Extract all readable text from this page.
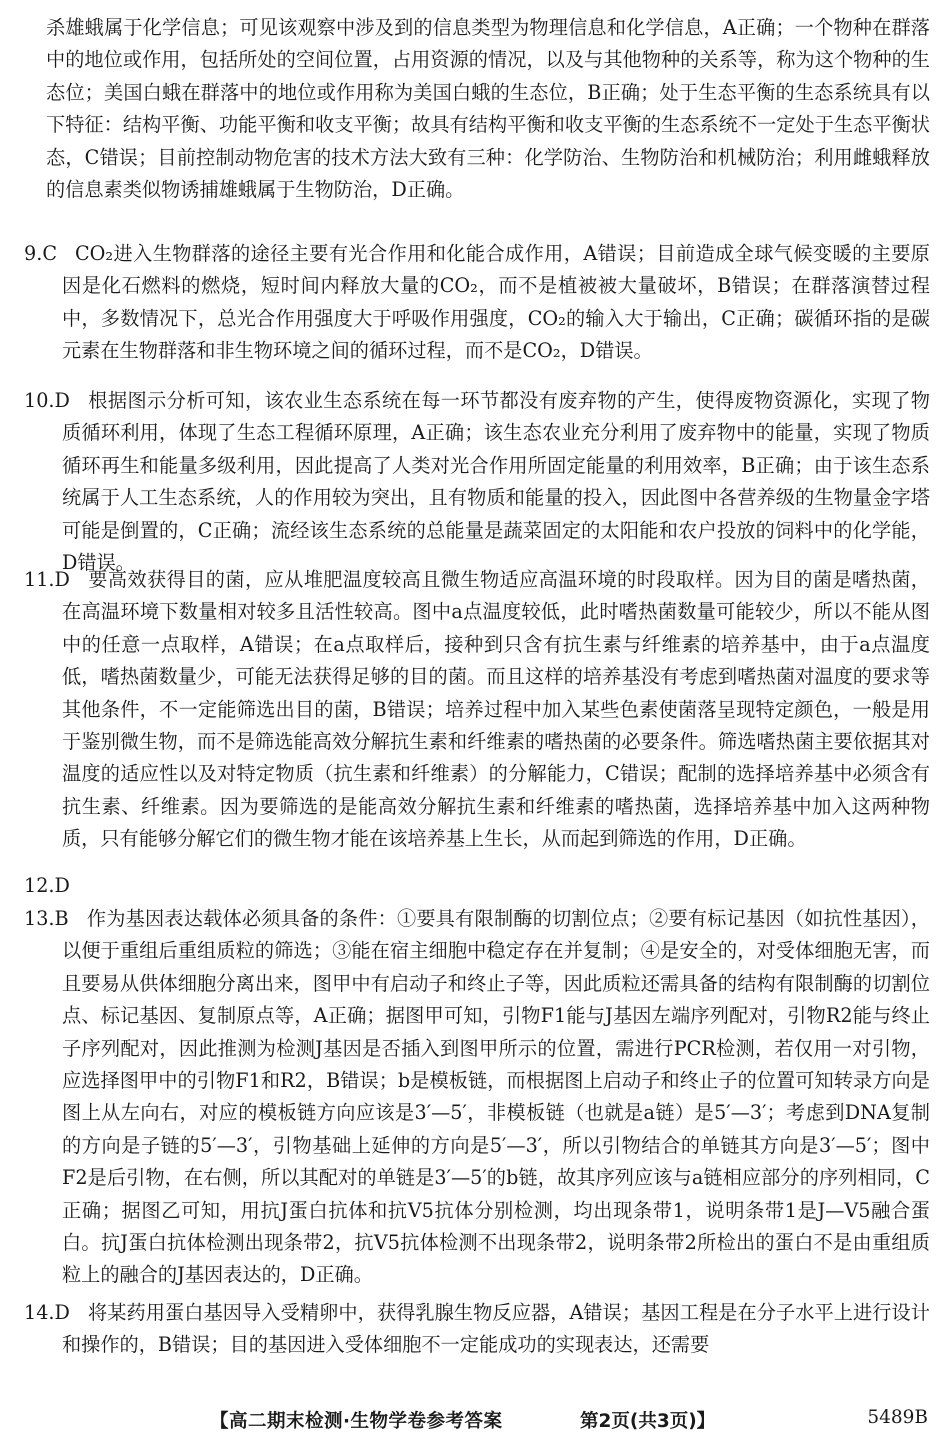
杀雄蛾属于化学信息；可见该观察中涉及到的信息类型为物理信息和化学信息，A正确；一个物种在群落中的地位或作用，包括所处的空间位置，占用资源的情况，以及与其他物种的关系等，称为这个物种的生态位；美国白蛾在群落中的地位或作用称为美国白蛾的生态位，B正确；处于生态平衡的生态系统具有以下特征：结构平衡、功能平衡和收支平衡；故具有结构平衡和收支平衡的生态系统不一定处于生态平衡状态，C错误；目前控制动物危害的技术方法大致有三种：化学防治、生物防治和机械防治；利用雌蛾释放的信息素类似物诱捕雄蛾属于生物防治，D正确。
9.C CO₂进入生物群落的途径主要有光合作用和化能合成作用，A错误；目前造成全球气候变暖的主要原因是化石燃料的燃烧，短时间内释放大量的CO₂，而不是植被被大量破坏，B错误；在群落演替过程中，多数情况下，总光合作用强度大于呼吸作用强度，CO₂的输入大于输出，C正确；碳循环指的是碳元素在生物群落和非生物环境之间的循环过程，而不是CO₂，D错误。
10.D 根据图示分析可知，该农业生态系统在每一环节都没有废弃物的产生，使得废物资源化，实现了物质循环利用，体现了生态工程循环原理，A正确；该生态农业充分利用了废弃物中的能量，实现了物质循环再生和能量多级利用，因此提高了人类对光合作用所固定能量的利用效率，B正确；由于该生态系统属于人工生态系统，人的作用较为突出，且有物质和能量的投入，因此图中各营养级的生物量金字塔可能是倒置的，C正确；流经该生态系统的总能量是蔬菜固定的太阳能和农户投放的饲料中的化学能，D错误。
11.D 要高效获得目的菌，应从堆肥温度较高且微生物适应高温环境的时段取样。因为目的菌是嗜热菌，在高温环境下数量相对较多且活性较高。图中a点温度较低，此时嗜热菌数量可能较少，所以不能从图中的任意一点取样，A错误；在a点取样后，接种到只含有抗生素与纤维素的培养基中，由于a点温度低，嗜热菌数量少，可能无法获得足够的目的菌。而且这样的培养基没有考虑到嗜热菌对温度的要求等其他条件，不一定能筛选出目的菌，B错误；培养过程中加入某些色素使菌落呈现特定颜色，一般是用于鉴别微生物，而不是筛选能高效分解抗生素和纤维素的嗜热菌的必要条件。筛选嗜热菌主要依据其对温度的适应性以及对特定物质（抗生素和纤维素）的分解能力，C错误；配制的选择培养基中必须含有抗生素、纤维素。因为要筛选的是能高效分解抗生素和纤维素的嗜热菌，选择培养基中加入这两种物质，只有能够分解它们的微生物才能在该培养基上生长，从而起到筛选的作用，D正确。
12.D
13.B 作为基因表达载体必须具备的条件：①要具有限制酶的切割位点；②要有标记基因（如抗性基因），以便于重组后重组质粒的筛选；③能在宿主细胞中稳定存在并复制；④是安全的，对受体细胞无害，而且要易从供体细胞分离出来，图甲中有启动子和终止子等，因此质粒还需具备的结构有限制酶的切割位点、标记基因、复制原点等，A正确；据图甲可知，引物F1能与J基因左端序列配对，引物R2能与终止子序列配对，因此推测为检测J基因是否插入到图甲所示的位置，需进行PCR检测，若仅用一对引物，应选择图甲中的引物F1和R2，B错误；b是模板链，而根据图上启动子和终止子的位置可知转录方向是图上从左向右，对应的模板链方向应该是3′—5′，非模板链（也就是a链）是5′—3′；考虑到DNA复制的方向是子链的5′—3′，引物基础上延伸的方向是5′—3′，所以引物结合的单链其方向是3′—5′；图中F2是后引物，在右侧，所以其配对的单链是3′—5′的b链，故其序列应该与a链相应部分的序列相同，C正确；据图乙可知，用抗J蛋白抗体和抗V5抗体分别检测，均出现条带1，说明条带1是J—V5融合蛋白。抗J蛋白抗体检测出现条带2，抗V5抗体检测不出现条带2，说明条带2所检出的蛋白不是由重组质粒上的融合的J基因表达的，D正确。
14.D 将某药用蛋白基因导入受精卵中，获得乳腺生物反应器，A错误；基因工程是在分子水平上进行设计和操作的，B错误；目的基因进入受体细胞不一定能成功的实现表达，还需要
【高二期末检测·生物学卷参考答案	第2页(共3页)】	5489B
